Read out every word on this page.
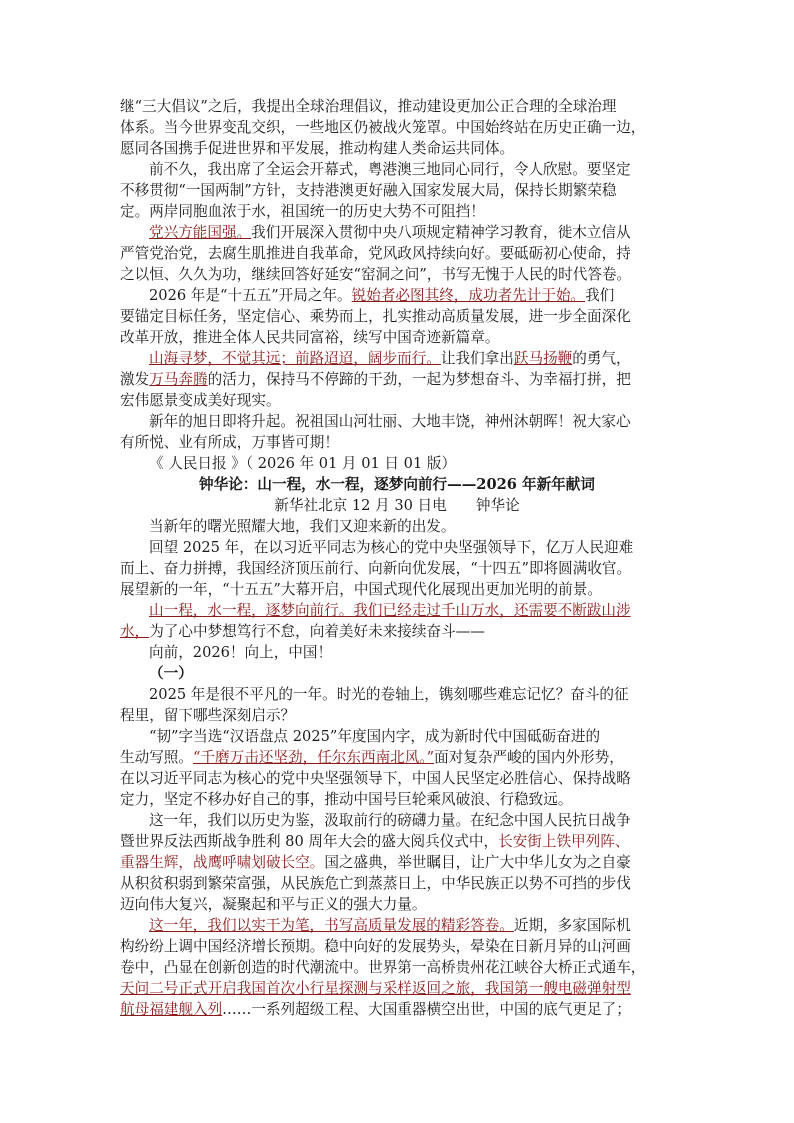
继“三大倡议”之后，我提出全球治理倡议，推动建设更加公正合理的全球治理
体系。当今世界变乱交织，一些地区仍被战火笼罩。中国始终站在历史正确一边，
愿同各国携手促进世界和平发展，推动构建人类命运共同体。
前不久，我出席了全运会开幕式，粤港澳三地同心同行，令人欣慰。要坚定
不移贯彻“一国两制”方针，支持港澳更好融入国家发展大局，保持长期繁荣稳
定。两岸同胞血浓于水，祖国统一的历史大势不可阻挡！
党兴方能国强。我们开展深入贯彻中央八项规定精神学习教育，徙木立信从
严管党治党，去腐生肌推进自我革命，党风政风持续向好。要砥砺初心使命，持
之以恒、久久为功，继续回答好延安“窑洞之问”，书写无愧于人民的时代答卷。
2026 年是“十五五”开局之年。锐始者必图其终，成功者先计于始。我们
要锚定目标任务，坚定信心、乘势而上，扎实推动高质量发展，进一步全面深化
改革开放，推进全体人民共同富裕，续写中国奇迹新篇章。
山海寻梦，不觉其远；前路迢迢，阔步而行。让我们拿出跃马扬鞭的勇气，
激发万马奔腾的活力，保持马不停蹄的干劲，一起为梦想奋斗、为幸福打拼，把
宏伟愿景变成美好现实。
新年的旭日即将升起。祝祖国山河壮丽、大地丰饶，神州沐朝晖！祝大家心
有所悦、业有所成，万事皆可期！
《 人民日报 》（ 2026 年 01 月 01 日 01 版）
钟华论：山一程，水一程，逐梦向前行——2026 年新年献词
新华社北京 12 月 30 日电　　钟华论
当新年的曙光照耀大地，我们又迎来新的出发。
回望 2025 年，在以习近平同志为核心的党中央坚强领导下，亿万人民迎难
而上、奋力拼搏，我国经济顶压前行、向新向优发展，“十四五”即将圆满收官。
展望新的一年，“十五五”大幕开启，中国式现代化展现出更加光明的前景。
山一程，水一程，逐梦向前行。我们已经走过千山万水，还需要不断跋山涉
水，为了心中梦想笃行不怠，向着美好未来接续奋斗——
向前，2026！向上，中国！
（一）
2025 年是很不平凡的一年。时光的卷轴上，镌刻哪些难忘记忆？奋斗的征
程里，留下哪些深刻启示？
“韧”字当选“汉语盘点 2025”年度国内字，成为新时代中国砥砺奋进的
生动写照。“千磨万击还坚劲，任尔东西南北风。”面对复杂严峻的国内外形势，
在以习近平同志为核心的党中央坚强领导下，中国人民坚定必胜信心、保持战略
定力，坚定不移办好自己的事，推动中国号巨轮乘风破浪、行稳致远。
这一年，我们以历史为鉴，汲取前行的磅礴力量。在纪念中国人民抗日战争
暨世界反法西斯战争胜利 80 周年大会的盛大阅兵仪式中，长安街上铁甲列阵、
重器生辉，战鹰呼啸划破长空。国之盛典，举世瞩目，让广大中华儿女为之自豪
从积贫积弱到繁荣富强，从民族危亡到蒸蒸日上，中华民族正以势不可挡的步伐
迈向伟大复兴，凝聚起和平与正义的强大力量。
这一年，我们以实干为笔，书写高质量发展的精彩答卷。近期，多家国际机
构纷纷上调中国经济增长预期。稳中向好的发展势头，晕染在日新月异的山河画
卷中，凸显在创新创造的时代潮流中。世界第一高桥贵州花江峡谷大桥正式通车，
天问二号正式开启我国首次小行星探测与采样返回之旅，我国第一艘电磁弹射型
航母福建舰入列……一系列超级工程、大国重器横空出世，中国的底气更足了；
